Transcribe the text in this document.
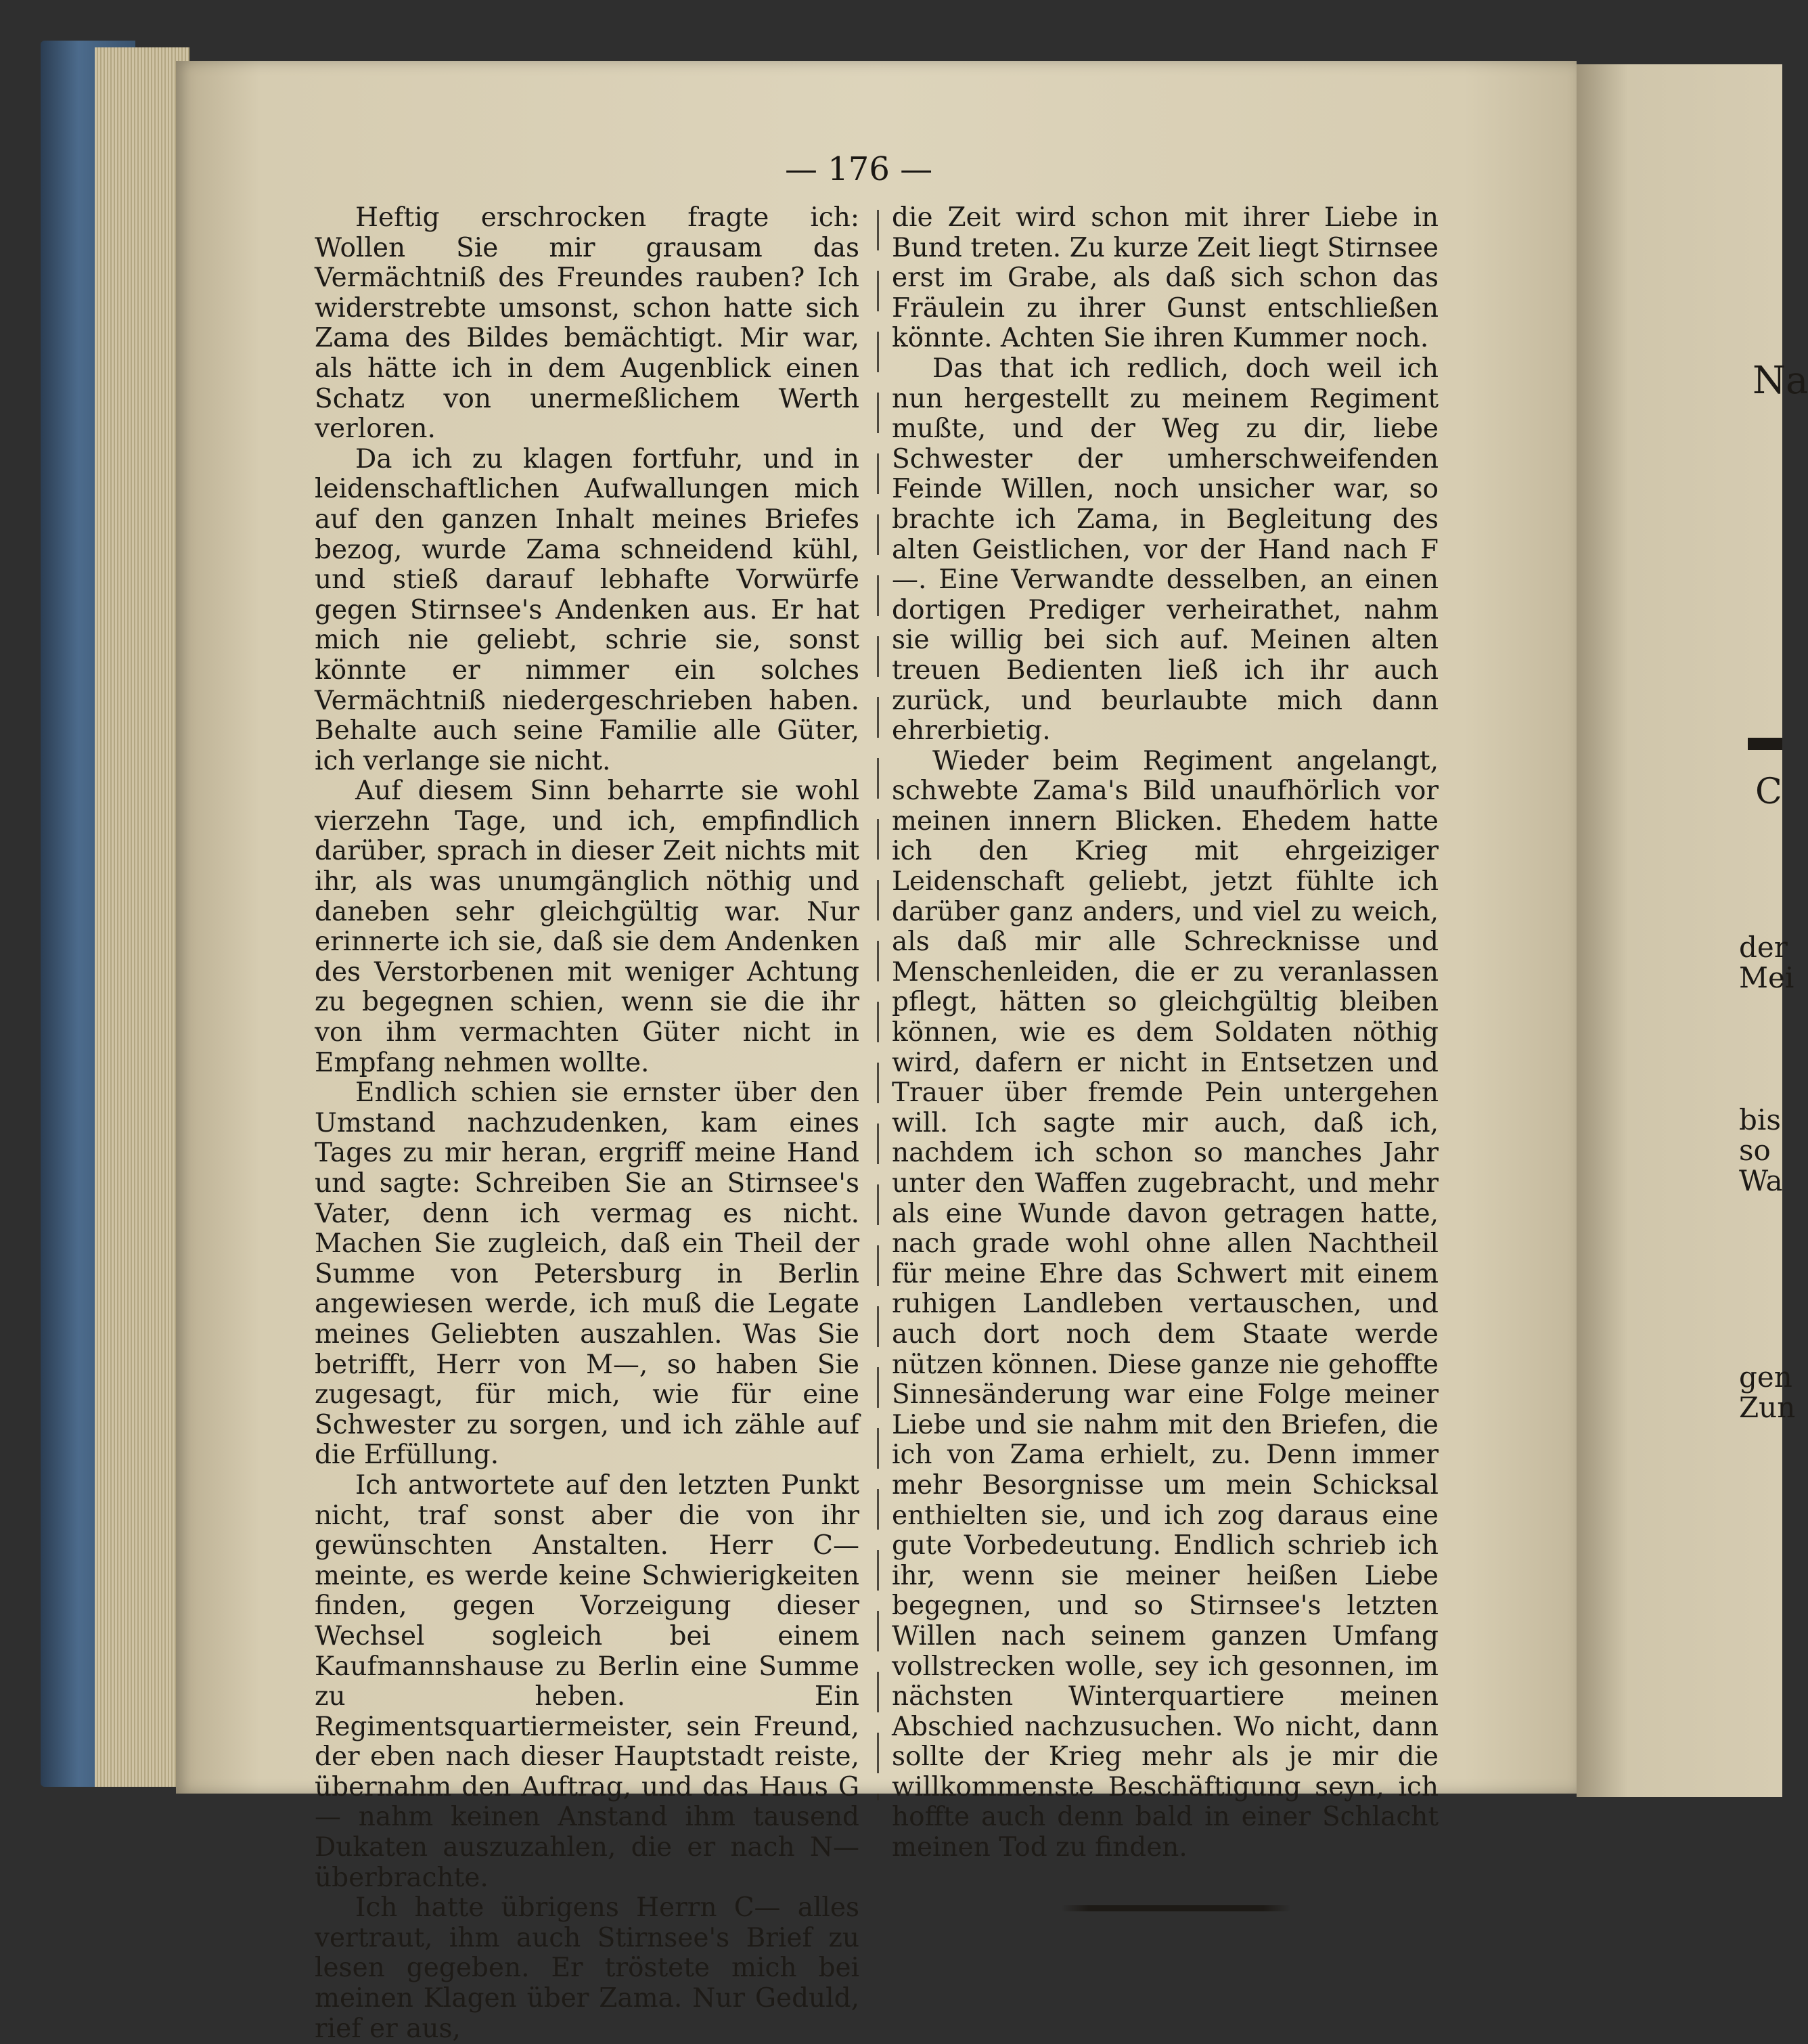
Na
C
der
Mei
bis
so
Wa
gen
Zun
— 176 —

Heftig erschrocken fragte ich: Wollen Sie mir grausam das Vermächtniß des Freundes rauben? Ich widerstrebte umsonst, schon hatte sich Zama des Bildes bemächtigt. Mir war, als hätte ich in dem Augenblick einen Schatz von unermeßlichem Werth verloren.

Da ich zu klagen fortfuhr, und in leidenschaftlichen Aufwallungen mich auf den ganzen Inhalt meines Briefes bezog, wurde Zama schneidend kühl, und stieß darauf lebhafte Vorwürfe gegen Stirnsee's Andenken aus. Er hat mich nie geliebt, schrie sie, sonst könnte er nimmer ein solches Vermächtniß niedergeschrieben haben. Behalte auch seine Familie alle Güter, ich verlange sie nicht.

Auf diesem Sinn beharrte sie wohl vierzehn Tage, und ich, empfindlich darüber, sprach in dieser Zeit nichts mit ihr, als was unumgänglich nöthig und daneben sehr gleichgültig war. Nur erinnerte ich sie, daß sie dem Andenken des Verstorbenen mit weniger Achtung zu begegnen schien, wenn sie die ihr von ihm vermachten Güter nicht in Empfang nehmen wollte.

Endlich schien sie ernster über den Umstand nachzudenken, kam eines Tages zu mir heran, ergriff meine Hand und sagte: Schreiben Sie an Stirnsee's Vater, denn ich vermag es nicht. Machen Sie zugleich, daß ein Theil der Summe von Petersburg in Berlin angewiesen werde, ich muß die Legate meines Geliebten auszahlen. Was Sie betrifft, Herr von M—, so haben Sie zugesagt, für mich, wie für eine Schwester zu sorgen, und ich zähle auf die Erfüllung.

Ich antwortete auf den letzten Punkt nicht, traf sonst aber die von ihr gewünschten Anstalten. Herr C— meinte, es werde keine Schwierigkeiten finden, gegen Vorzeigung dieser Wechsel sogleich bei einem Kaufmannshause zu Berlin eine Summe zu heben. Ein Regimentsquartiermeister, sein Freund, der eben nach dieser Hauptstadt reiste, übernahm den Auftrag, und das Haus G— nahm keinen Anstand ihm tausend Dukaten auszuzahlen, die er nach N— überbrachte.

Ich hatte übrigens Herrn C— alles vertraut, ihm auch Stirnsee's Brief zu lesen gegeben. Er tröstete mich bei meinen Klagen über Zama. Nur Geduld, rief er aus,

die Zeit wird schon mit ihrer Liebe in Bund treten. Zu kurze Zeit liegt Stirnsee erst im Grabe, als daß sich schon das Fräulein zu ihrer Gunst entschließen könnte. Achten Sie ihren Kummer noch.

Das that ich redlich, doch weil ich nun hergestellt zu meinem Regiment mußte, und der Weg zu dir, liebe Schwester der umherschweifenden Feinde Willen, noch unsicher war, so brachte ich Zama, in Begleitung des alten Geistlichen, vor der Hand nach F—. Eine Verwandte desselben, an einen dortigen Prediger verheirathet, nahm sie willig bei sich auf. Meinen alten treuen Bedienten ließ ich ihr auch zurück, und beurlaubte mich dann ehrerbietig.

Wieder beim Regiment angelangt, schwebte Zama's Bild unaufhörlich vor meinen innern Blicken. Ehedem hatte ich den Krieg mit ehrgeiziger Leidenschaft geliebt, jetzt fühlte ich darüber ganz anders, und viel zu weich, als daß mir alle Schrecknisse und Menschenleiden, die er zu veranlassen pflegt, hätten so gleichgültig bleiben können, wie es dem Soldaten nöthig wird, dafern er nicht in Entsetzen und Trauer über fremde Pein untergehen will. Ich sagte mir auch, daß ich, nachdem ich schon so manches Jahr unter den Waffen zugebracht, und mehr als eine Wunde davon getragen hatte, nach grade wohl ohne allen Nachtheil für meine Ehre das Schwert mit einem ruhigen Landleben vertauschen, und auch dort noch dem Staate werde nützen können. Diese ganze nie gehoffte Sinnesänderung war eine Folge meiner Liebe und sie nahm mit den Briefen, die ich von Zama erhielt, zu. Denn immer mehr Besorgnisse um mein Schicksal enthielten sie, und ich zog daraus eine gute Vorbedeutung. Endlich schrieb ich ihr, wenn sie meiner heißen Liebe begegnen, und so Stirnsee's letzten Willen nach seinem ganzen Umfang vollstrecken wolle, sey ich gesonnen, im nächsten Winterquartiere meinen Abschied nachzusuchen. Wo nicht, dann sollte der Krieg mehr als je mir die willkommenste Beschäftigung seyn, ich hoffte auch denn bald in einer Schlacht meinen Tod zu finden.
